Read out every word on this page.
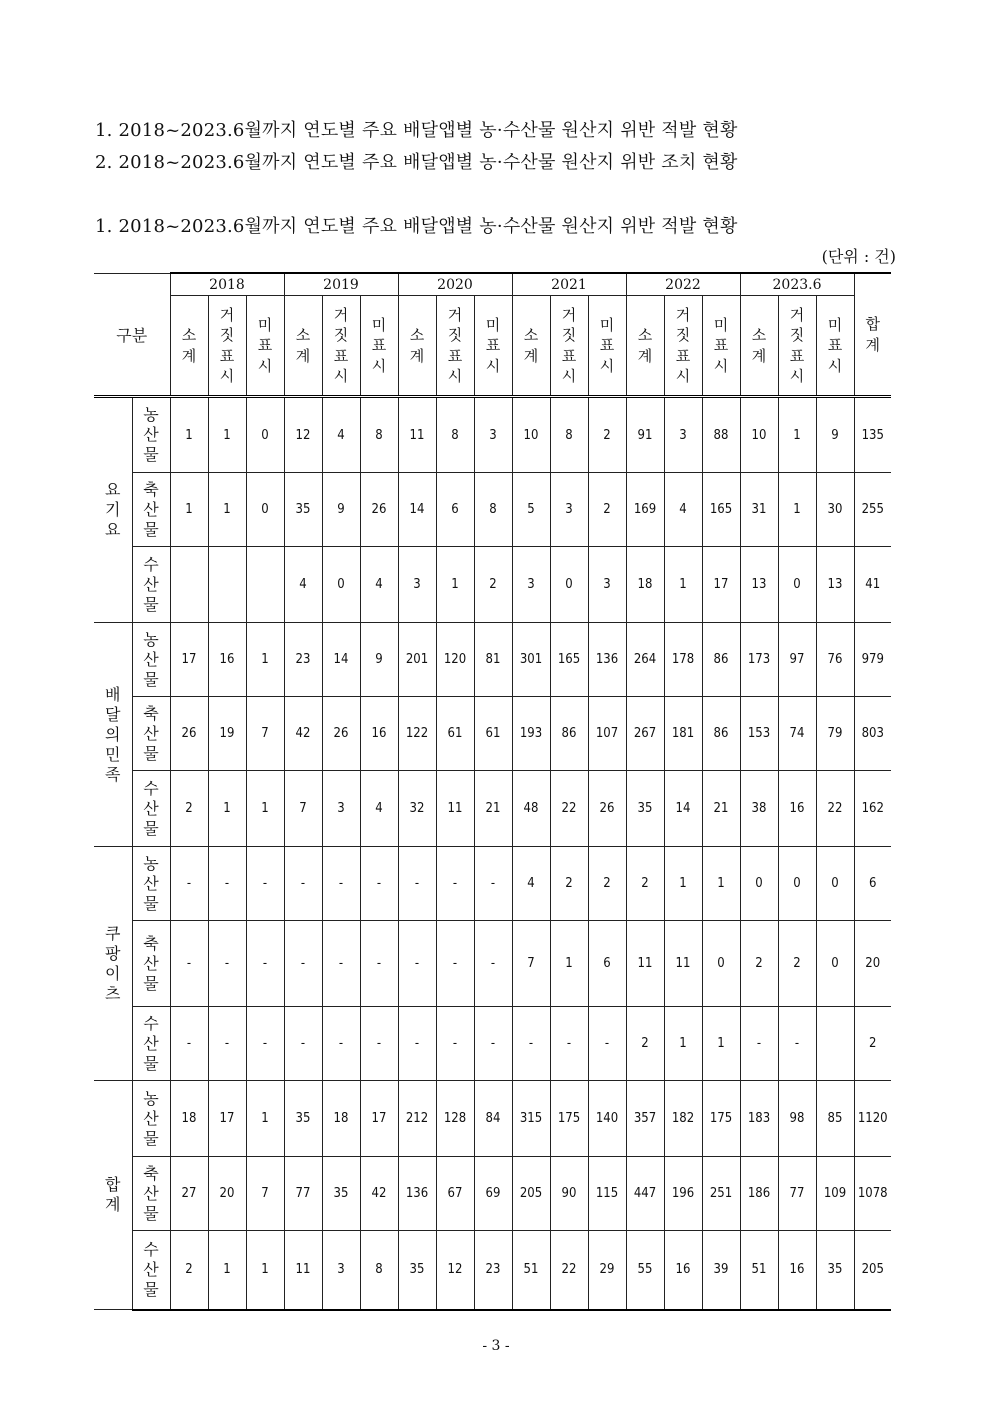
1. 2018~2023.6월까지 연도별 주요 배달앱별 농·수산물 원산지 위반 적발 현황
2. 2018~2023.6월까지 연도별 주요 배달앱별 농·수산물 원산지 위반 조치 현황
1. 2018~2023.6월까지 연도별 주요 배달앱별 농·수산물 원산지 위반 적발 현황
(단위 : 건)
구분		2018			2019			2020			2021			2022			2023.6			합계
		소계	거짓표시	미표시	소계	거짓표시	미표시	소계	거짓표시	미표시	소계	거짓표시	미표시	소계	거짓표시	미표시	소계	거짓표시	미표시	
요기요	농산물	1	1	0	12	4	8	11	8	3	10	8	2	91	3	88	10	1	9	135
	축산물	1	1	0	35	9	26	14	6	8	5	3	2	169	4	165	31	1	30	255
	수산물				4	0	4	3	1	2	3	0	3	18	1	17	13	0	13	41
배달의민족	농산물	17	16	1	23	14	9	201	120	81	301	165	136	264	178	86	173	97	76	979
	축산물	26	19	7	42	26	16	122	61	61	193	86	107	267	181	86	153	74	79	803
	수산물	2	1	1	7	3	4	32	11	21	48	22	26	35	14	21	38	16	22	162
쿠팡이츠	농산물	-	-	-	-	-	-	-	-	-	4	2	2	2	1	1	0	0	0	6
	축산물	-	-	-	-	-	-	-	-	-	7	1	6	11	11	0	2	2	0	20
	수산물	-	-	-	-	-	-	-	-	-	-	-	-	2	1	1	-	-		2
합계	농산물	18	17	1	35	18	17	212	128	84	315	175	140	357	182	175	183	98	85	1120
	축산물	27	20	7	77	35	42	136	67	69	205	90	115	447	196	251	186	77	109	1078
	수산물	2	1	1	11	3	8	35	12	23	51	22	29	55	16	39	51	16	35	205
- 3 -
